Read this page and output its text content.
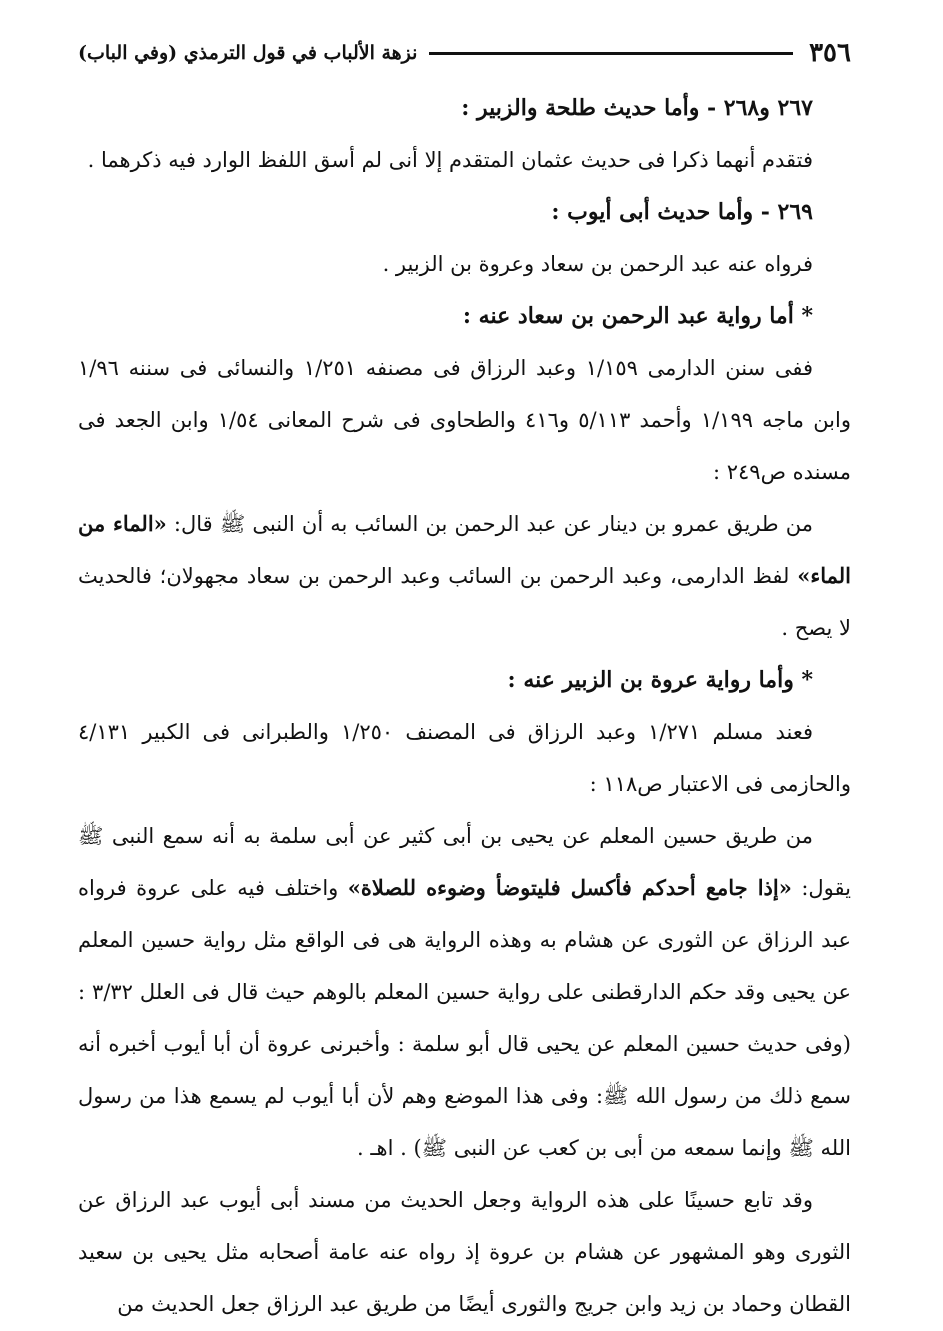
٣٥٦
نزهة الألباب في قول الترمذي (وفي الباب)

٢٦٧ و٢٦٨ - وأما حديث طلحة والزبير :

فتقدم أنهما ذكرا فى حديث عثمان المتقدم إلا أنى لم أسق اللفظ الوارد فيه ذكرهما .

٢٦٩ - وأما حديث أبى أيوب :

فرواه عنه عبد الرحمن بن سعاد وعروة بن الزبير .

* أما رواية عبد الرحمن بن سعاد عنه :

ففى سنن الدارمى ١/١٥٩ وعبد الرزاق فى مصنفه ١/٢٥١ والنسائى فى سننه ١/٩٦ وابن ماجه ١/١٩٩ وأحمد ٥/١١٣ و٤١٦ والطحاوى فى شرح المعانى ١/٥٤ وابن الجعد فى مسنده ص٢٤٩ :

من طريق عمرو بن دينار عن عبد الرحمن بن السائب به أن النبى ﷺ قال: «الماء من الماء» لفظ الدارمى، وعبد الرحمن بن السائب وعبد الرحمن بن سعاد مجهولان؛ فالحديث لا يصح .

* وأما رواية عروة بن الزبير عنه :

فعند مسلم ١/٢٧١ وعبد الرزاق فى المصنف ١/٢٥٠ والطبرانى فى الكبير ٤/١٣١ والحازمى فى الاعتبار ص١١٨ :

من طريق حسين المعلم عن يحيى بن أبى كثير عن أبى سلمة به أنه سمع النبى ﷺ يقول: «إذا جامع أحدكم فأكسل فليتوضأ وضوءه للصلاة» واختلف فيه على عروة فرواه عبد الرزاق عن الثورى عن هشام به وهذه الرواية هى فى الواقع مثل رواية حسين المعلم عن يحيى وقد حكم الدارقطنى على رواية حسين المعلم بالوهم حيث قال فى العلل ٣/٣٢ : (وفى حديث حسين المعلم عن يحيى قال أبو سلمة : وأخبرنى عروة أن أبا أيوب أخبره أنه سمع ذلك من رسول الله ﷺ: وفى هذا الموضع وهم لأن أبا أيوب لم يسمع هذا من رسول الله ﷺ وإنما سمعه من أبى بن كعب عن النبى ﷺ) . اهـ .

وقد تابع حسينًا على هذه الرواية وجعل الحديث من مسند أبى أيوب عبد الرزاق عن الثورى وهو المشهور عن هشام بن عروة إذ رواه عنه عامة أصحابه مثل يحيى بن سعيد القطان وحماد بن زيد وابن جريج والثورى أيضًا من طريق عبد الرزاق جعل الحديث من
